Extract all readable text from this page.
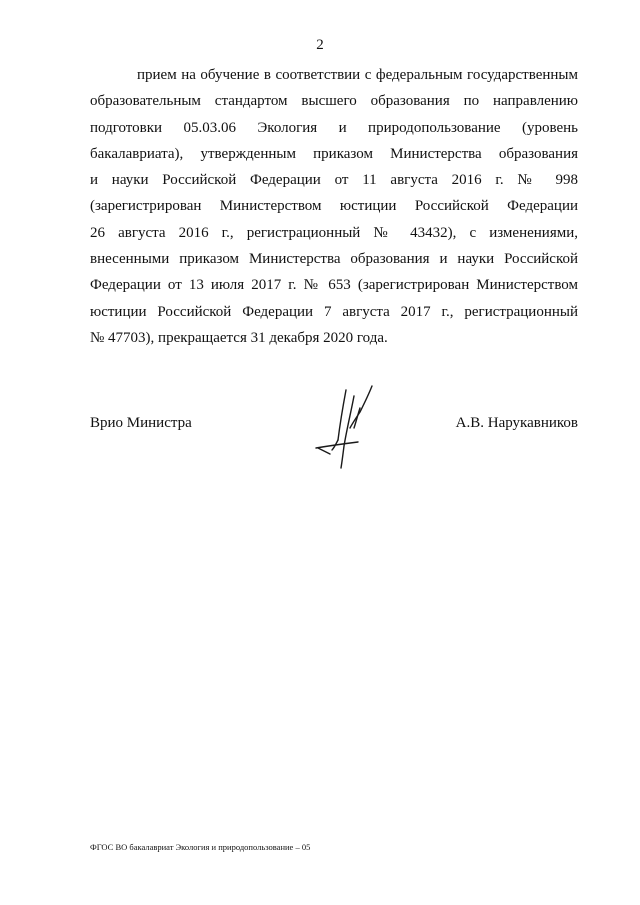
2
прием на обучение в соответствии с федеральным государственным
образовательным стандартом высшего образования по направлению
подготовки 05.03.06 Экология и природопользование (уровень
бакалавриата), утвержденным приказом Министерства образования
и науки Российской Федерации от 11 августа 2016 г. № 998
(зарегистрирован Министерством юстиции Российской Федерации
26 августа 2016 г., регистрационный № 43432), с изменениями,
внесенными приказом Министерства образования и науки Российской
Федерации от 13 июля 2017 г. № 653 (зарегистрирован Министерством
юстиции Российской Федерации 7 августа 2017 г., регистрационный
№ 47703), прекращается 31 декабря 2020 года.
Врио Министра	А.В. Нарукавников
ФГОС ВО бакалавриат Экология и природопользование – 05
